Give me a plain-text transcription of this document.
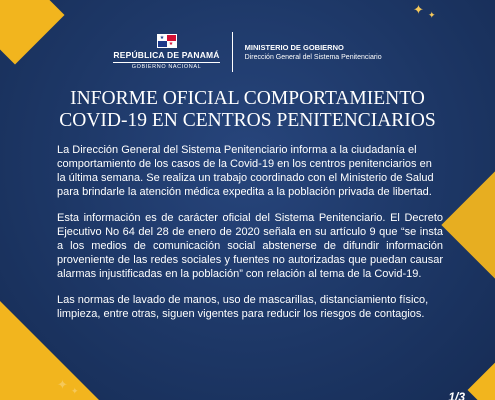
✦ ✦
✦ ✦
★
★
REPÚBLICA DE PANAMÁ
GOBIERNO NACIONAL
MINISTERIO DE GOBIERNO
Dirección General del Sistema Penitenciario
INFORME OFICIAL COMPORTAMIENTO
COVID-19 EN CENTROS PENITENCIARIOS

La Dirección General del Sistema Penitenciario informa a la ciudadanía el comportamiento de los casos de la Covid-19 en los centros penitenciarios en la última semana. Se realiza un trabajo coordinado con el Ministerio de Salud para brindarle la atención médica expedita a la población privada de libertad.

Esta información es de carácter oficial del Sistema Penitenciario. El Decreto Ejecutivo No 64 del 28 de enero de 2020 señala en su artículo 9 que “se insta a los medios de comunicación social abstenerse de difundir información proveniente de las redes sociales y fuentes no autorizadas que puedan causar alarmas injustificadas en la población” con relación al tema de la Covid-19.

Las normas de lavado de manos, uso de mascarillas, distanciamiento físico, limpieza, entre otras, siguen vigentes para reducir los riesgos de contagios.

1/3
